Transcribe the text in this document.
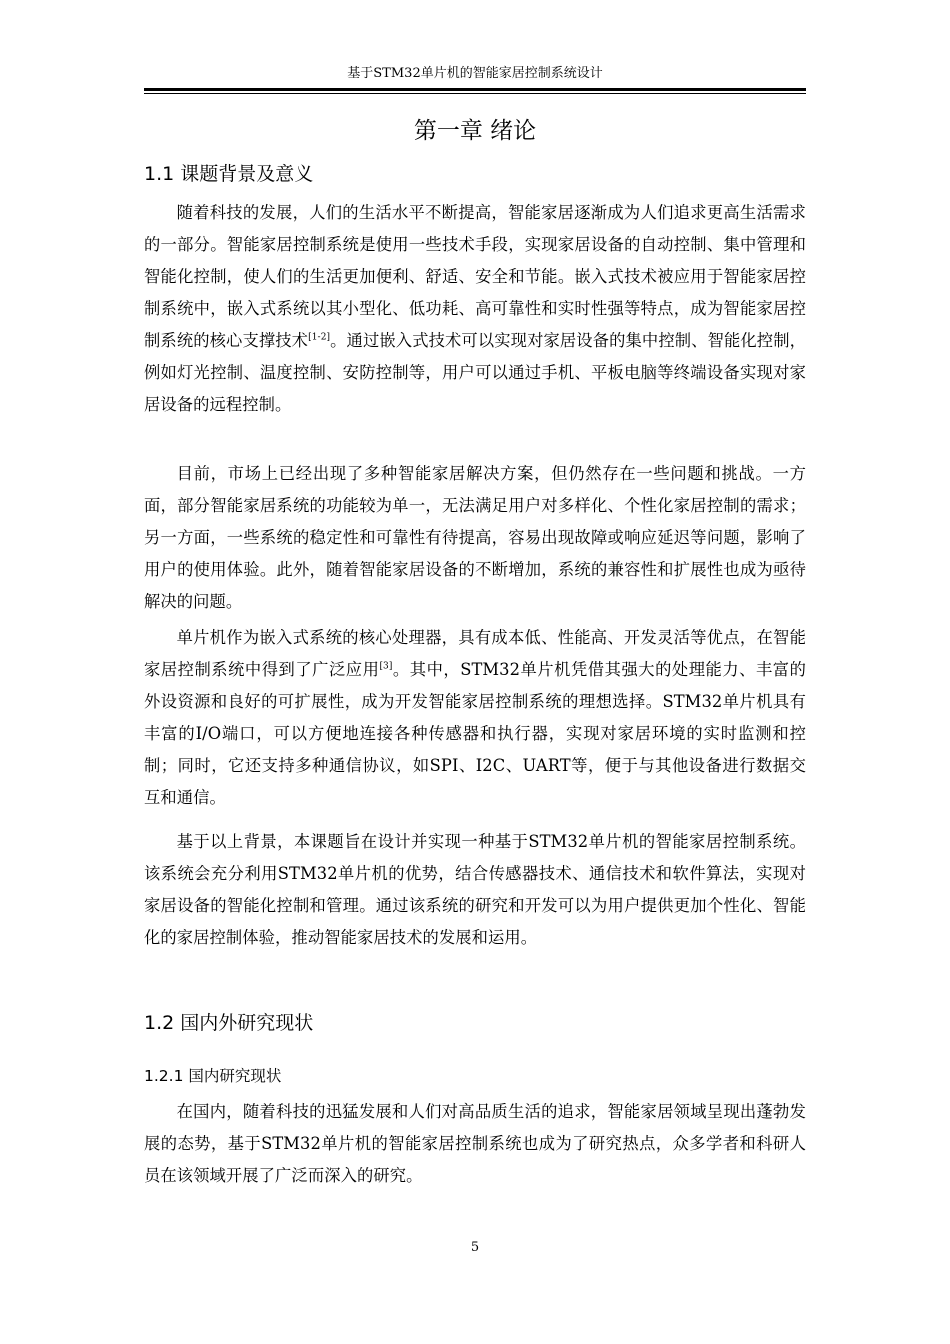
基于STM32单片机的智能家居控制系统设计
第一章 绪论
1.1 课题背景及意义

随着科技的发展，人们的生活水平不断提高，智能家居逐渐成为人们追求更高生活需求的一部分。智能家居控制系统是使用一些技术手段，实现家居设备的自动控制、集中管理和智能化控制，使人们的生活更加便利、舒适、安全和节能。嵌入式技术被应用于智能家居控制系统中，嵌入式系统以其小型化、低功耗、高可靠性和实时性强等特点，成为智能家居控制系统的核心支撑技术[1-2]。通过嵌入式技术可以实现对家居设备的集中控制、智能化控制，例如灯光控制、温度控制、安防控制等，用户可以通过手机、平板电脑等终端设备实现对家居设备的远程控制。

目前，市场上已经出现了多种智能家居解决方案，但仍然存在一些问题和挑战。一方面，部分智能家居系统的功能较为单一，无法满足用户对多样化、个性化家居控制的需求；另一方面，一些系统的稳定性和可靠性有待提高，容易出现故障或响应延迟等问题，影响了用户的使用体验。此外，随着智能家居设备的不断增加，系统的兼容性和扩展性也成为亟待解决的问题。

单片机作为嵌入式系统的核心处理器，具有成本低、性能高、开发灵活等优点，在智能家居控制系统中得到了广泛应用[3]。其中，STM32单片机凭借其强大的处理能力、丰富的外设资源和良好的可扩展性，成为开发智能家居控制系统的理想选择。STM32单片机具有丰富的I/O端口，可以方便地连接各种传感器和执行器，实现对家居环境的实时监测和控制；同时，它还支持多种通信协议，如SPI、I2C、UART等，便于与其他设备进行数据交互和通信。

基于以上背景，本课题旨在设计并实现一种基于STM32单片机的智能家居控制系统。该系统会充分利用STM32单片机的优势，结合传感器技术、通信技术和软件算法，实现对家居设备的智能化控制和管理。通过该系统的研究和开发可以为用户提供更加个性化、智能化的家居控制体验，推动智能家居技术的发展和运用。

1.2 国内外研究现状
1.2.1 国内研究现状

在国内，随着科技的迅猛发展和人们对高品质生活的追求，智能家居领域呈现出蓬勃发展的态势，基于STM32单片机的智能家居控制系统也成为了研究热点，众多学者和科研人员在该领域开展了广泛而深入的研究。

5
